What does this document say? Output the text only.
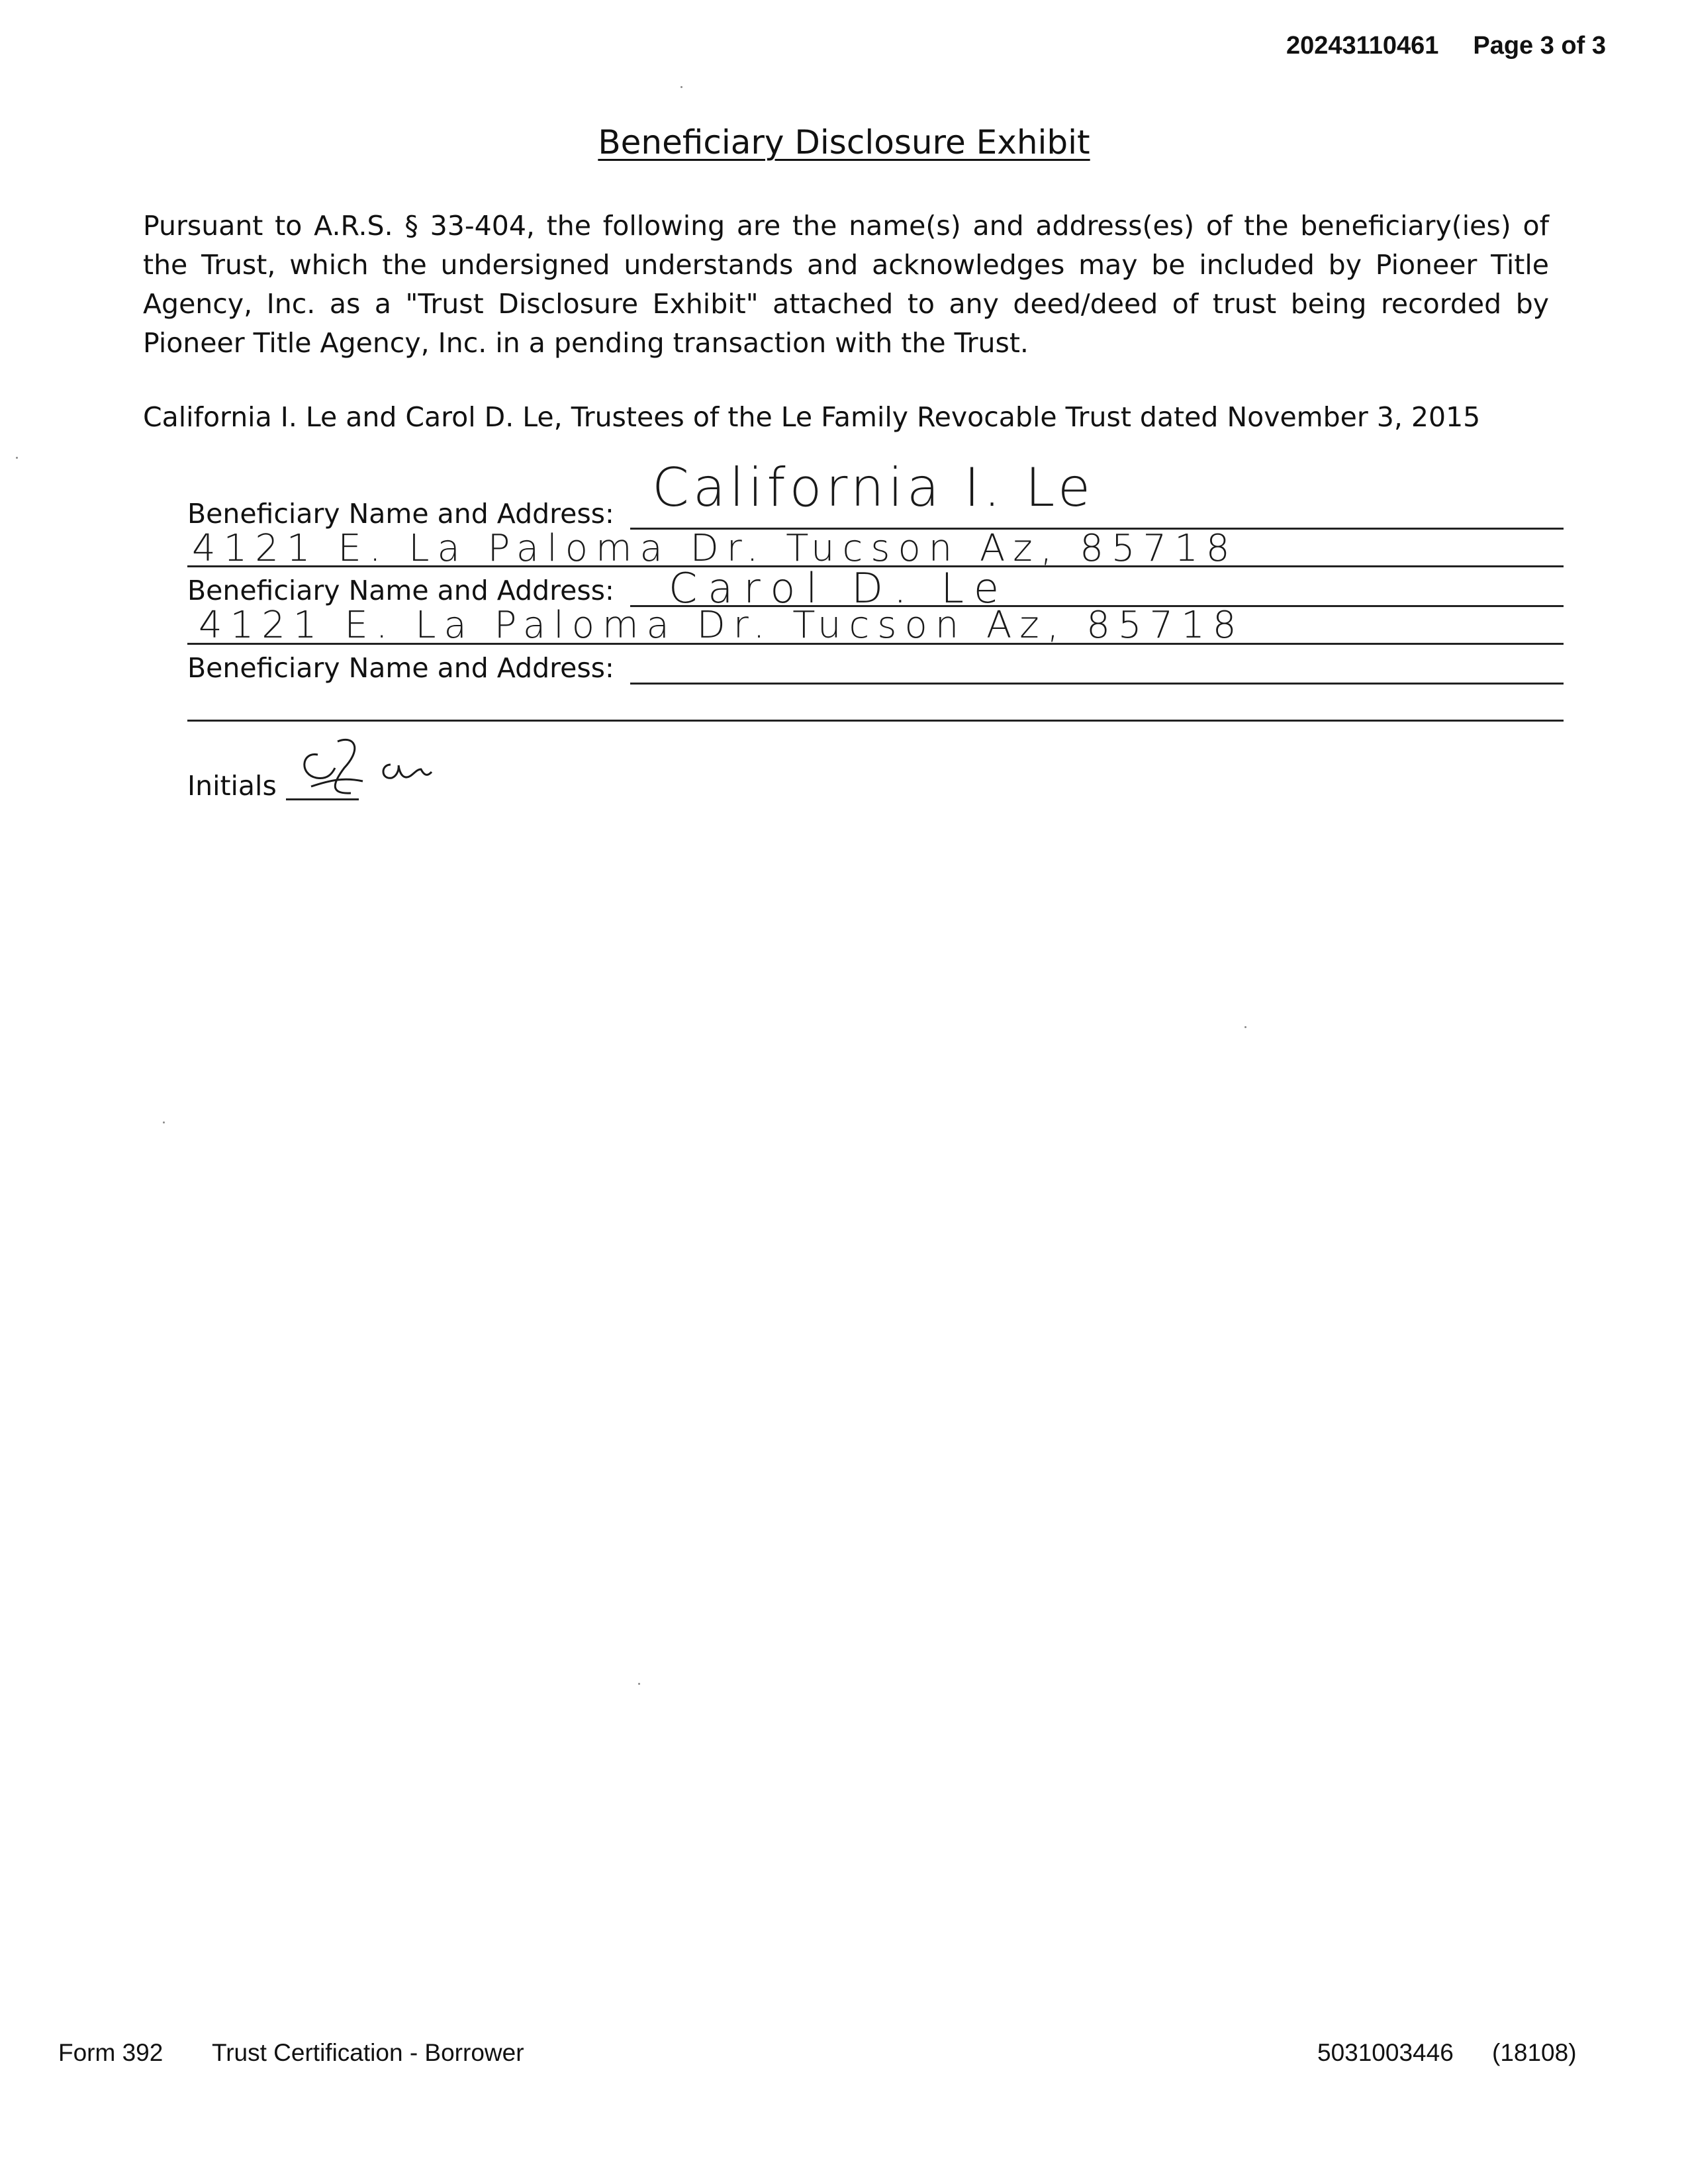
20243110461 Page 3 of 3
Beneficiary Disclosure Exhibit
Pursuant to A.R.S. § 33-404, the following are the name(s) and address(es) of the beneficiary(ies) of the Trust, which the undersigned understands and acknowledges may be included by Pioneer Title Agency, Inc. as a "Trust Disclosure Exhibit" attached to any deed/deed of trust being recorded by Pioneer Title Agency, Inc. in a pending transaction with the Trust.
California I. Le and Carol D. Le, Trustees of the Le Family Revocable Trust dated November 3, 2015
Beneficiary Name and Address: California I. Le
4121 E. La Paloma Dr. Tucson Az, 85718
Beneficiary Name and Address: Carol D. Le
4121 E. La Paloma Dr. Tucson Az, 85718
Beneficiary Name and Address:
Initials
Form 392 Trust Certification - Borrower	5031003446 (18108)
